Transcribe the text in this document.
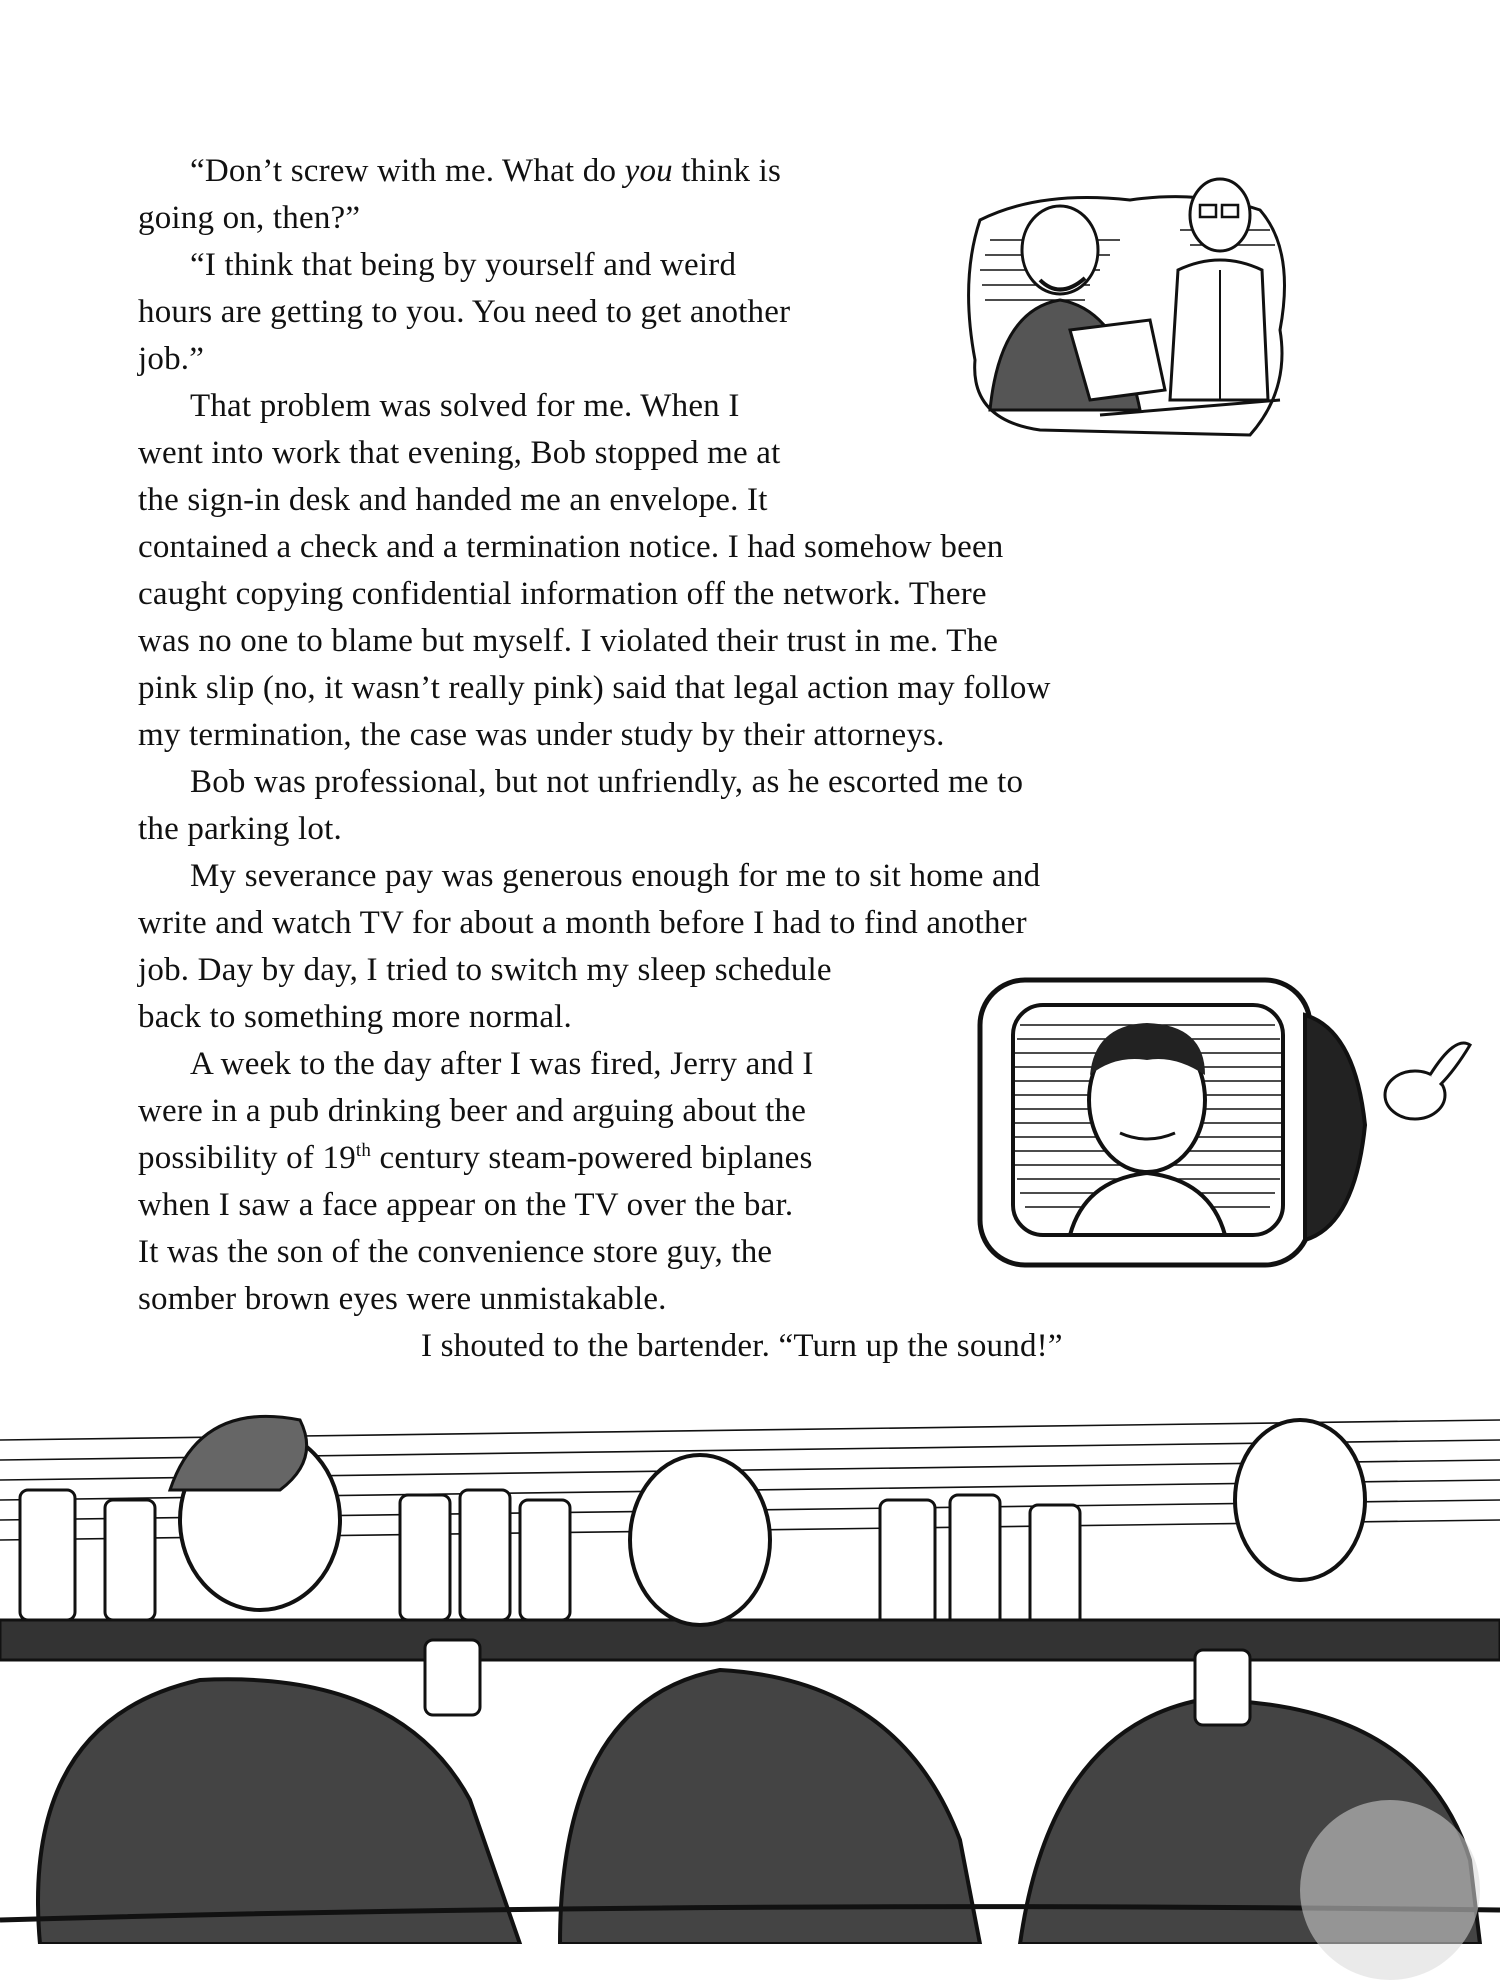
“Don’t screw with me. What do you think is
going on, then?”
“I think that being by yourself and weird
hours are getting to you. You need to get another
job.”
That problem was solved for me. When I
went into work that evening, Bob stopped me at
the sign-in desk and handed me an envelope. It
contained a check and a termination notice. I had somehow been
caught copying confidential information off the network. There
was no one to blame but myself. I violated their trust in me. The
pink slip (no, it wasn’t really pink) said that legal action may follow
my termination, the case was under study by their attorneys.
Bob was professional, but not unfriendly, as he escorted me to
the parking lot.
My severance pay was generous enough for me to sit home and
write and watch TV for about a month before I had to find another
job. Day by day, I tried to switch my sleep schedule
back to something more normal.
A week to the day after I was fired, Jerry and I
were in a pub drinking beer and arguing about the
possibility of 19th century steam-powered biplanes
when I saw a face appear on the TV over the bar.
It was the son of the convenience store guy, the
somber brown eyes were unmistakable.
I shouted to the bartender. “Turn up the sound!”
